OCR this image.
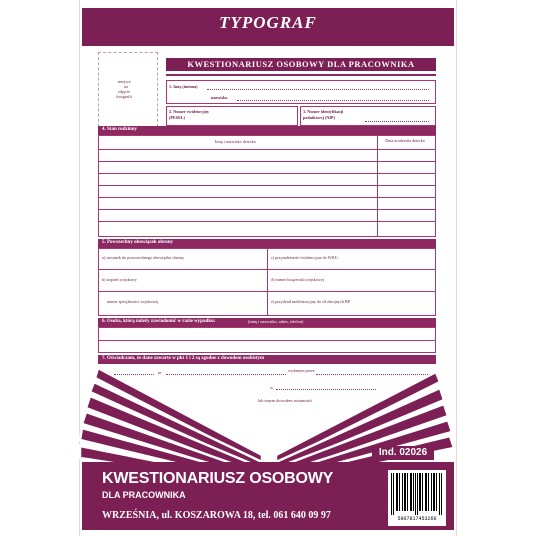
TYPOGRAF
miejsce
na
zdjęcie
fotografii
KWESTIONARIUSZ OSOBOWY DLA PRACOWNIKA
1. Imię (imiona)
nazwisko
2. Numer ewidencyjny
(PESEL)
3. Numer identyfikacji
podatkowej (NIP)
4. Stan rodzinny
Imię i nazwisko dziecka	Data urodzenia dziecka
5. Powszechny obowiązek obrony
a) stosunek do powszechnego obowiązku obrony	c) przynależność ewidencyjna do WKU
b) stopień wojskowy	d) numer książeczki wojskowej
numer specjalności wojskowej	e) przydział mobilizacyjny do sił zbrojnych RP
6. Osoba, którą należy zawiadomić w razie wypadku:	(imię i nazwisko, adres, telefon)
7. Oświadczam, że dane zawarte w pkt 1 i 2 są zgodne z dowodem osobistym
nr	wydanym przez
w
lub innym dowodem tożsamości
Ind. 02026
KWESTIONARIUSZ OSOBOWY
DLA PRACOWNIKA
WRZEŚNIA, ul. KOSZAROWA 18, tel. 061 640 09 97	5907817453266
